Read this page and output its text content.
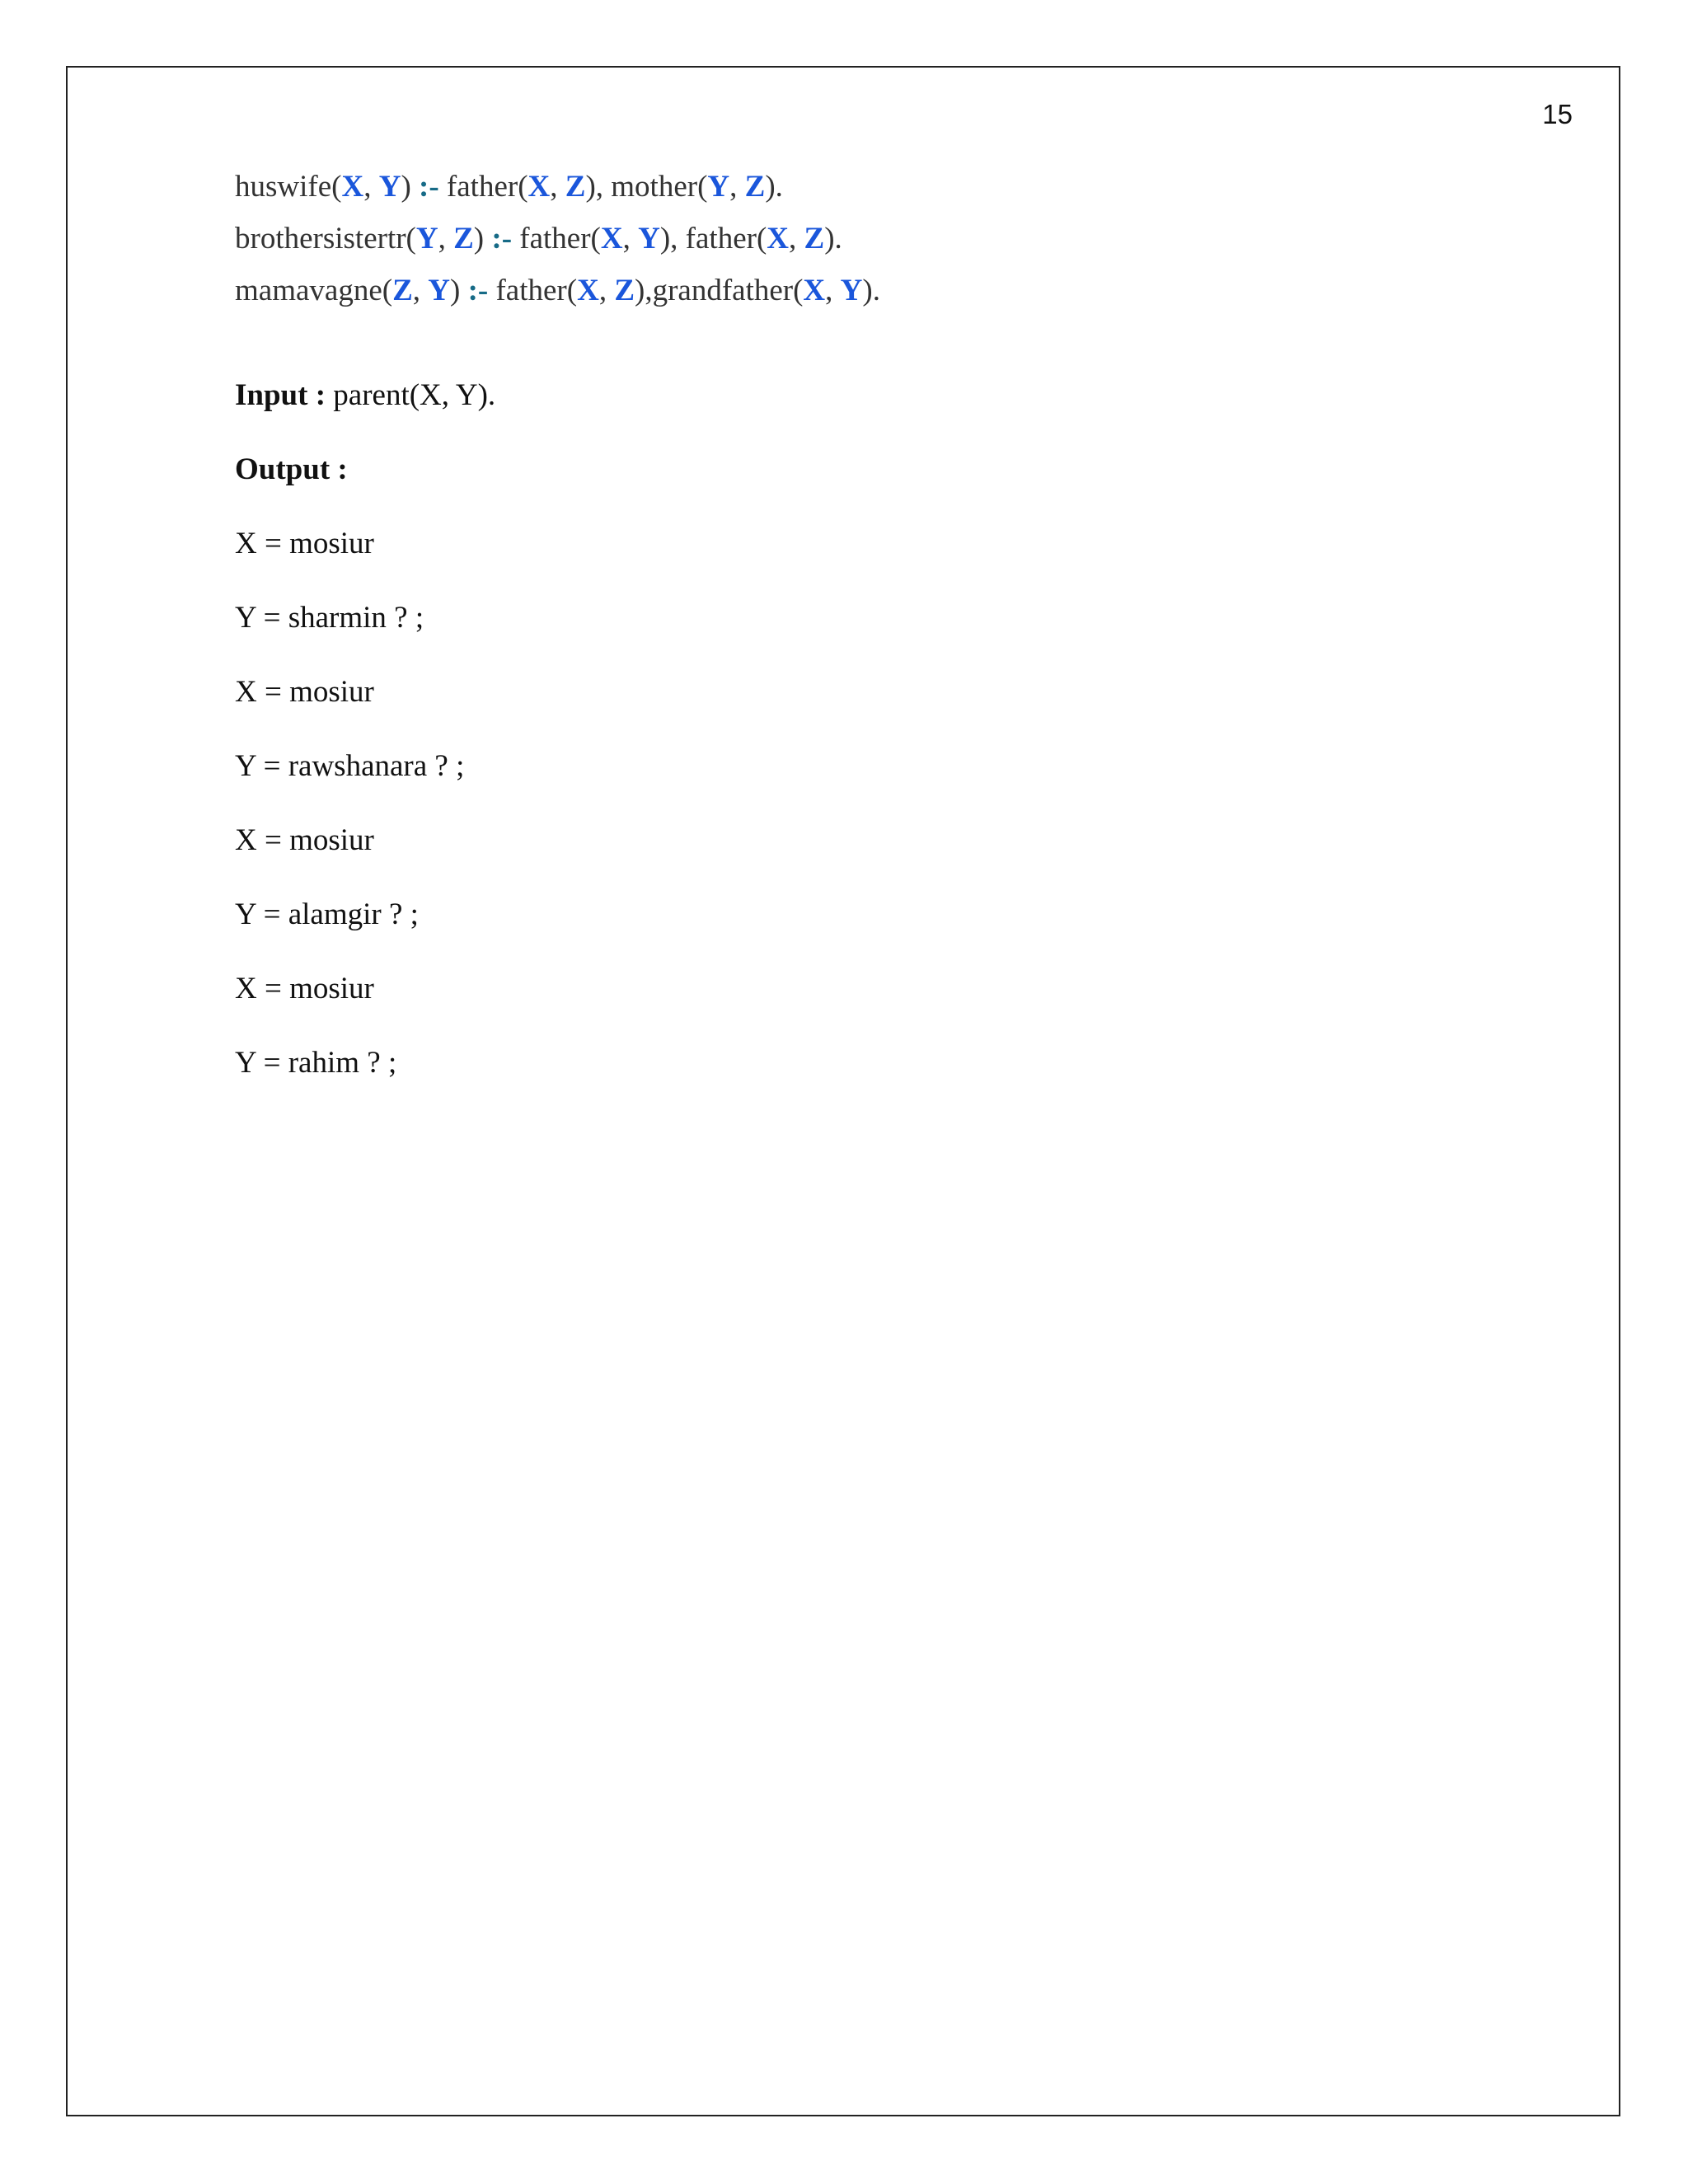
15
huswife(X, Y) :- father(X, Z), mother(Y, Z).
brothersistertr(Y, Z) :- father(X, Y), father(X, Z).
mamavagne(Z, Y) :- father(X, Z),grandfather(X, Y).
Input : parent(X, Y).
Output :
X = mosiur
Y = sharmin ? ;
X = mosiur
Y = rawshanara ? ;
X = mosiur
Y = alamgir ? ;
X = mosiur
Y = rahim ? ;
